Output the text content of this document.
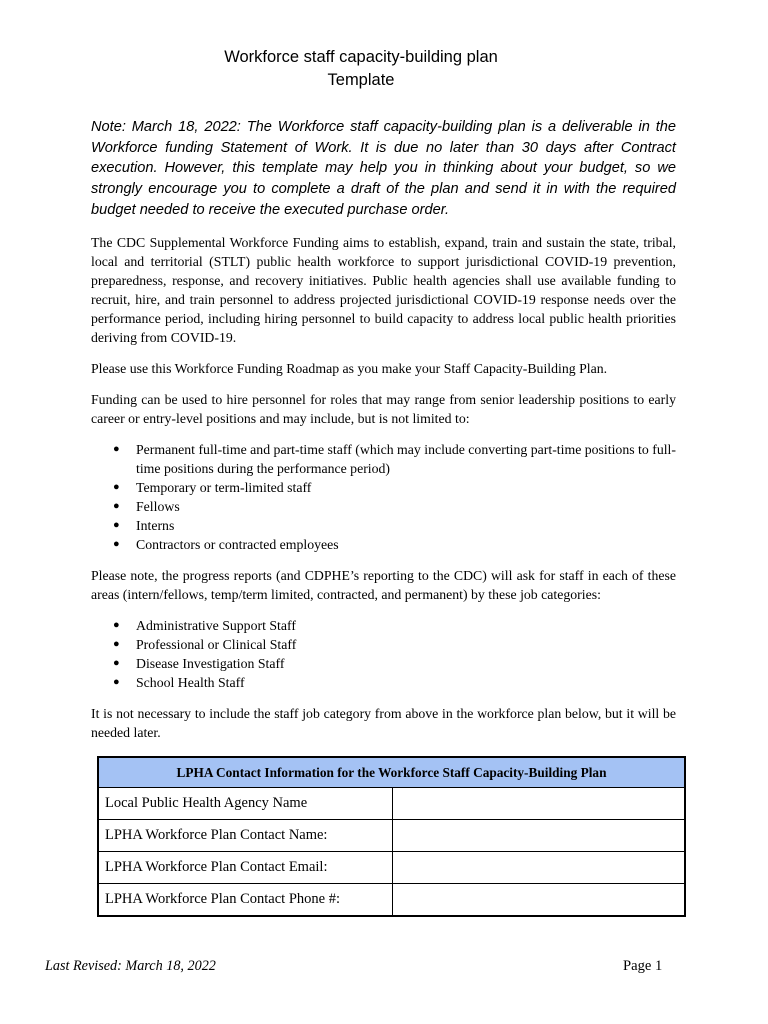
Workforce staff capacity-building plan
Template

Note: March 18, 2022: The Workforce staff capacity-building plan is a deliverable in the Workforce funding Statement of Work. It is due no later than 30 days after Contract execution. However, this template may help you in thinking about your budget, so we strongly encourage you to complete a draft of the plan and send it in with the required budget needed to receive the executed purchase order.

The CDC Supplemental Workforce Funding aims to establish, expand, train and sustain the state, tribal, local and territorial (STLT) public health workforce to support jurisdictional COVID-19 prevention, preparedness, response, and recovery initiatives. Public health agencies shall use available funding to recruit, hire, and train personnel to address projected jurisdictional COVID-19 response needs over the performance period, including hiring personnel to build capacity to address local public health priorities deriving from COVID-19.

Please use this Workforce Funding Roadmap as you make your Staff Capacity-Building Plan.

Funding can be used to hire personnel for roles that may range from senior leadership positions to early career or entry-level positions and may include, but is not limited to:

● Permanent full-time and part-time staff (which may include converting part-time positions to full-time positions during the performance period)
● Temporary or term-limited staff
● Fellows
● Interns
● Contractors or contracted employees

Please note, the progress reports (and CDPHE’s reporting to the CDC) will ask for staff in each of these areas (intern/fellows, temp/term limited, contracted, and permanent) by these job categories:

● Administrative Support Staff
● Professional or Clinical Staff
● Disease Investigation Staff
● School Health Staff

It is not necessary to include the staff job category from above in the workforce plan below, but it will be needed later.

LPHA Contact Information for the Workforce Staff Capacity-Building Plan	
Local Public Health Agency Name	
LPHA Workforce Plan Contact Name:	
LPHA Workforce Plan Contact Email:	
LPHA Workforce Plan Contact Phone #:	
Last Revised: March 18, 2022	Page 1
